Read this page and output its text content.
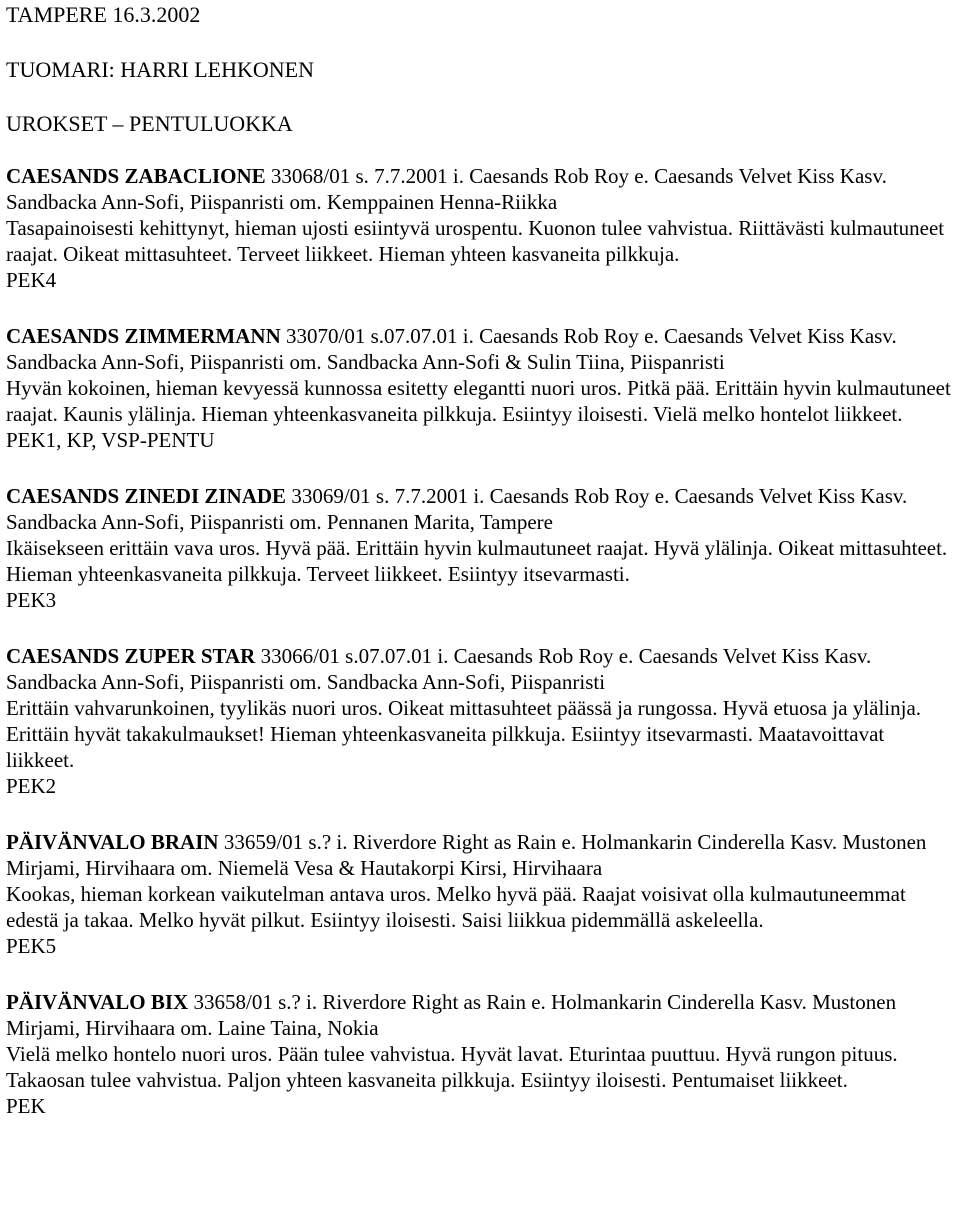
TAMPERE 16.3.2002

TUOMARI: HARRI LEHKONEN

UROKSET – PENTULUOKKA

CAESANDS ZABACLIONE 33068/01 s. 7.7.2001 i. Caesands Rob Roy e. Caesands Velvet Kiss Kasv. Sandbacka Ann-Sofi, Piispanristi om. Kemppainen Henna-Riikka

Tasapainoisesti kehittynyt, hieman ujosti esiintyvä urospentu. Kuonon tulee vahvistua. Riittävästi kulmautuneet raajat. Oikeat mittasuhteet. Terveet liikkeet. Hieman yhteen kasvaneita pilkkuja.

PEK4

CAESANDS ZIMMERMANN 33070/01 s.07.07.01 i. Caesands Rob Roy e. Caesands Velvet Kiss Kasv. Sandbacka Ann-Sofi, Piispanristi om. Sandbacka Ann-Sofi & Sulin Tiina, Piispanristi

Hyvän kokoinen, hieman kevyessä kunnossa esitetty elegantti nuori uros. Pitkä pää. Erittäin hyvin kulmautuneet raajat. Kaunis ylälinja. Hieman yhteenkasvaneita pilkkuja. Esiintyy iloisesti. Vielä melko hontelot liikkeet.

PEK1, KP, VSP-PENTU

CAESANDS ZINEDI ZINADE 33069/01 s. 7.7.2001 i. Caesands Rob Roy e. Caesands Velvet Kiss Kasv. Sandbacka Ann-Sofi, Piispanristi om. Pennanen Marita, Tampere

Ikäisekseen erittäin vava uros. Hyvä pää. Erittäin hyvin kulmautuneet raajat. Hyvä ylälinja. Oikeat mittasuhteet. Hieman yhteenkasvaneita pilkkuja. Terveet liikkeet. Esiintyy itsevarmasti.

PEK3

CAESANDS ZUPER STAR 33066/01 s.07.07.01 i. Caesands Rob Roy e. Caesands Velvet Kiss Kasv. Sandbacka Ann-Sofi, Piispanristi om. Sandbacka Ann-Sofi, Piispanristi

Erittäin vahvarunkoinen, tyylikäs nuori uros. Oikeat mittasuhteet päässä ja rungossa. Hyvä etuosa ja ylälinja. Erittäin hyvät takakulmaukset! Hieman yhteenkasvaneita pilkkuja. Esiintyy itsevarmasti. Maatavoittavat liikkeet.

PEK2

PÄIVÄNVALO BRAIN 33659/01 s.? i. Riverdore Right as Rain e. Holmankarin Cinderella Kasv. Mustonen Mirjami, Hirvihaara om. Niemelä Vesa & Hautakorpi Kirsi, Hirvihaara

Kookas, hieman korkean vaikutelman antava uros. Melko hyvä pää. Raajat voisivat olla kulmautuneemmat edestä ja takaa. Melko hyvät pilkut. Esiintyy iloisesti. Saisi liikkua pidemmällä askeleella.

PEK5

PÄIVÄNVALO BIX 33658/01 s.? i. Riverdore Right as Rain e. Holmankarin Cinderella Kasv. Mustonen Mirjami, Hirvihaara om. Laine Taina, Nokia

Vielä melko hontelo nuori uros. Pään tulee vahvistua. Hyvät lavat. Eturintaa puuttuu. Hyvä rungon pituus. Takaosan tulee vahvistua. Paljon yhteen kasvaneita pilkkuja. Esiintyy iloisesti. Pentumaiset liikkeet.

PEK
